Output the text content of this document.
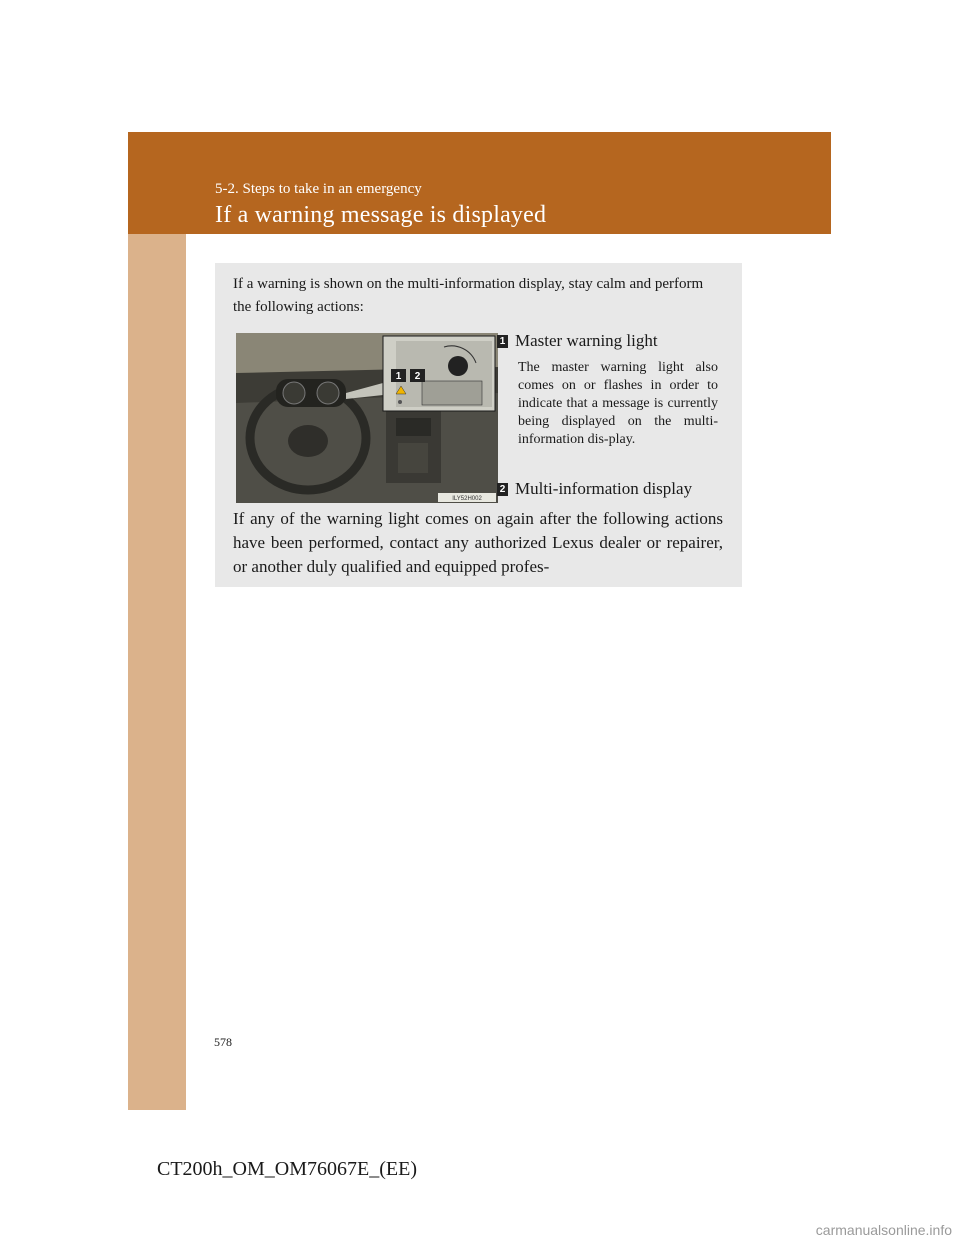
5-2. Steps to take in an emergency
If a warning message is displayed
If a warning is shown on the multi-information display, stay calm and perform the following actions:
1 2
ILY52H002
1 Master warning light
The master warning light also comes on or flashes in order to indicate that a message is currently being displayed on the multi-information dis-play.
2 Multi-information display
If any of the warning light comes on again after the following actions have been performed, contact any authorized Lexus dealer or repairer, or another duly qualified and equipped profes-
578
CT200h_OM_OM76067E_(EE)
carmanualsonline.info
